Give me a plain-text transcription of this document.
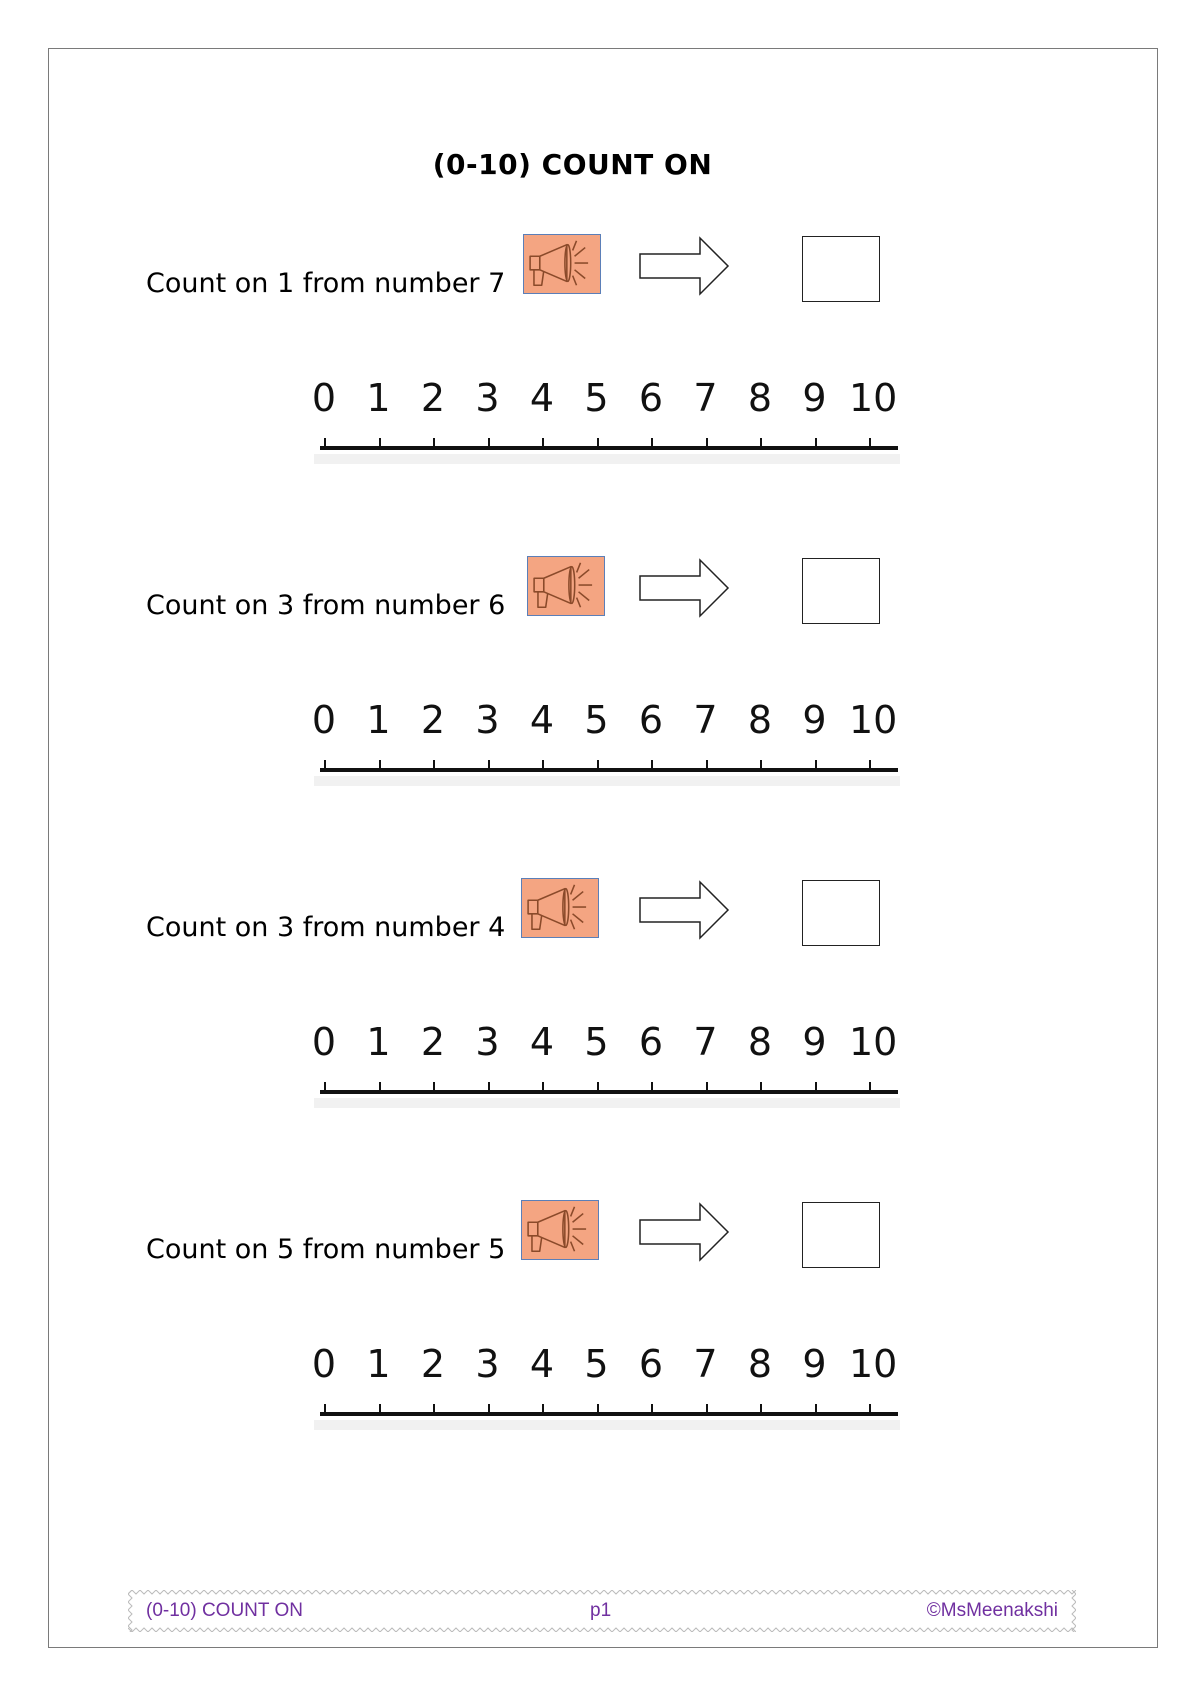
(0-10) COUNT ON
Count on 1 from number 7
0 1 2 3 4 5 6 7 8 9 10
Count on 3 from number 6
0 1 2 3 4 5 6 7 8 9 10
Count on 3 from number 4
0 1 2 3 4 5 6 7 8 9 10
Count on 5 from number 5
0 1 2 3 4 5 6 7 8 9 10
(0-10) COUNT ON	p1	©MsMeenakshi
